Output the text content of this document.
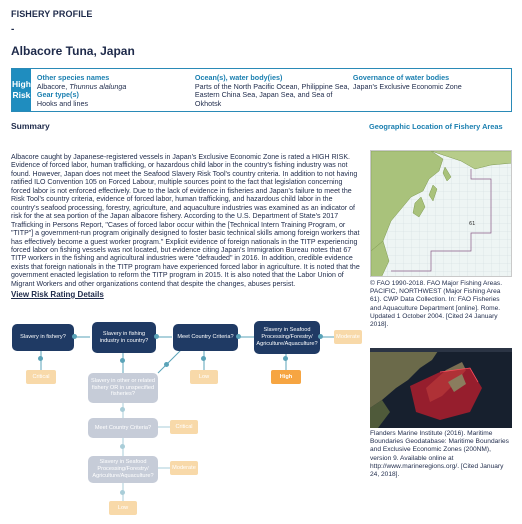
FISHERY PROFILE
-
Albacore Tuna, Japan
High
Risk
Other species names
Albacore, Thunnus alalunga
Gear type(s)
Hooks and lines
Ocean(s), water body(ies)
Parts of the North Pacific Ocean, Philippine Sea, Eastern China Sea, Japan Sea, and Sea of Okhotsk
Governance of water bodies
Japan's Exclusive Economic Zone
Summary	Geographic Location of Fishery Areas
Albacore caught by Japanese-registered vessels in Japan's Exclusive Economic Zone is rated a HIGH RISK. Evidence of forced labor, human trafficking, or hazardous child labor in the country's fishing industry was not found. However, Japan does not meet the Seafood Slavery Risk Tool's country criteria. In addition to not having ratified ILO Convention 105 on Forced Labour, multiple sources point to the fact that legislation concerning forced labor is not enforced effectively. Due to the lack of evidence in fisheries and Japan's failure to meet the Risk Tool's country criteria, evidence of forced labor, human trafficking, and hazardous child labor in the country's seafood processing, forestry, agriculture, and aquaculture industries was examined as an indicator of risk for the at sea portion of the Japan albacore fishery. According to the U.S. Department of State's 2017 Trafficking in Persons Report, "Cases of forced labor occur within the [Technical Intern Training Program, or "TITP"] a government-run program originally designed to foster basic technical skills among foreign workers that has effectively become a guest worker program." Explicit evidence of foreign nationals in the TITP experiencing forced labor on fishing vessels was not located, but evidence citing Japan's Immigration Bureau notes that 67 TITP workers in the fishing and agricultural industries were "defrauded" in 2016. In addition, credible evidence exists that foreign nationals in the TITP program have experienced forced labor in agriculture. It is noted that the government enacted legislation to reform the TITP program in 2015. It is also noted that the Labor Union of Migrant Workers and other organizations contend that despite the changes, abuses persist.
View Risk Rating Details
61
© FAO 1990-2018. FAO Major Fishing Areas. PACIFIC, NORTHWEST (Major Fishing Area 61). CWP Data Collection. In: FAO Fisheries and Aquaculture Department [online]. Rome. Updated 1 October 2004. [Cited 24 January 2018].
Flanders Marine Institute (2016). Maritime Boundaries Geodatabase: Maritime Boundaries and Exclusive Economic Zones (200NM), version 9. Available online at http://www.marineregions.org/. [Cited January 24, 2018].
Slavery in fishery?
Slavery in fishing industry in country?
Meet Country Criteria?
Slavery in Seafood Processing/Forestry/ Agriculture/Aquaculture?
Moderate
Critical	Low	High
Slavery in other or related fishery OR in unspecified fisheries?
Meet Country Criteria?	Critical
Slavery in Seafood Processing/Forestry/ Agriculture/Aquaculture?
Moderate
Low
